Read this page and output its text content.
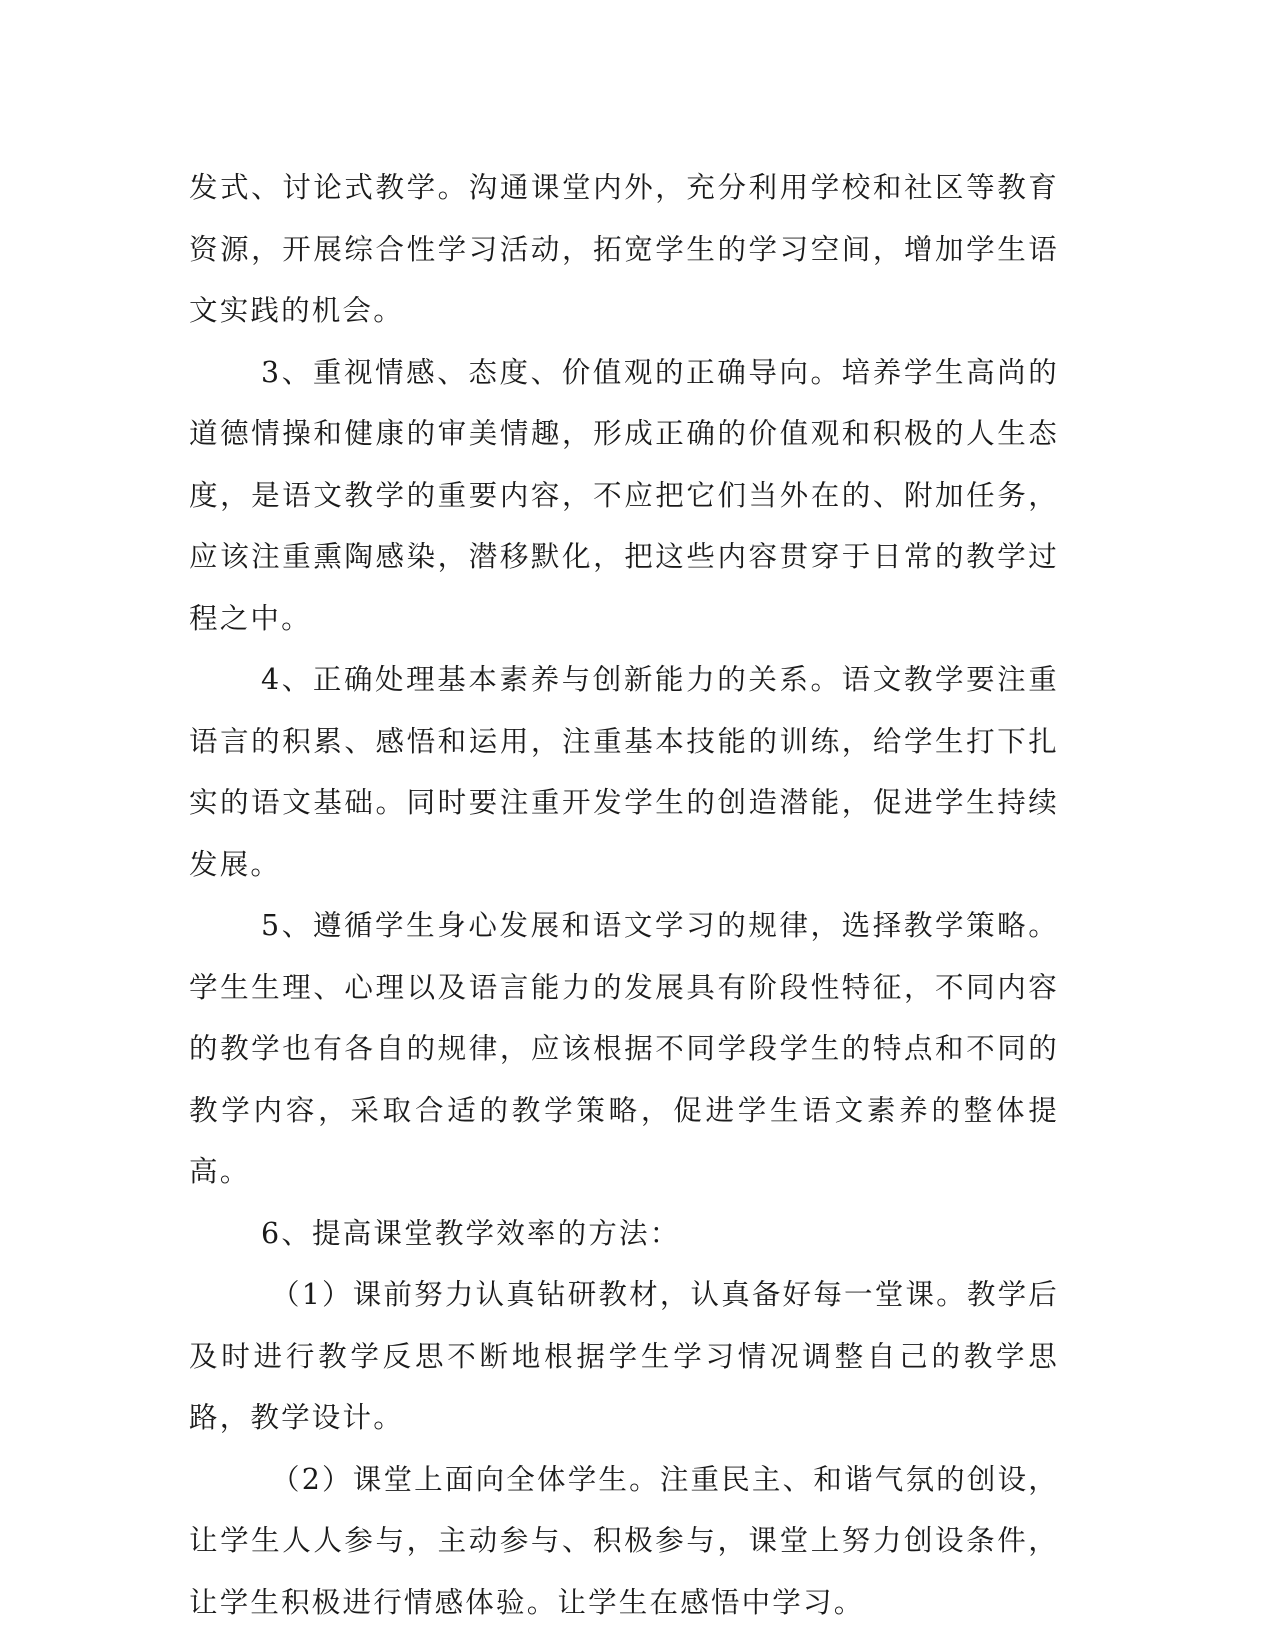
发式、讨论式教学。沟通课堂内外，充分利用学校和社区等教育资源，开展综合性学习活动，拓宽学生的学习空间，增加学生语文实践的机会。

3、重视情感、态度、价值观的正确导向。培养学生高尚的道德情操和健康的审美情趣，形成正确的价值观和积极的人生态度，是语文教学的重要内容，不应把它们当外在的、附加任务，应该注重熏陶感染，潜移默化，把这些内容贯穿于日常的教学过程之中。

4、正确处理基本素养与创新能力的关系。语文教学要注重语言的积累、感悟和运用，注重基本技能的训练，给学生打下扎实的语文基础。同时要注重开发学生的创造潜能，促进学生持续发展。

5、遵循学生身心发展和语文学习的规律，选择教学策略。学生生理、心理以及语言能力的发展具有阶段性特征，不同内容的教学也有各自的规律，应该根据不同学段学生的特点和不同的教学内容，采取合适的教学策略，促进学生语文素养的整体提高。

6、提高课堂教学效率的方法：

（1）课前努力认真钻研教材，认真备好每一堂课。教学后及时进行教学反思不断地根据学生学习情况调整自己的教学思路，教学设计。

（2）课堂上面向全体学生。注重民主、和谐气氛的创设，让学生人人参与，主动参与、积极参与，课堂上努力创设条件，让学生积极进行情感体验。让学生在感悟中学习。
